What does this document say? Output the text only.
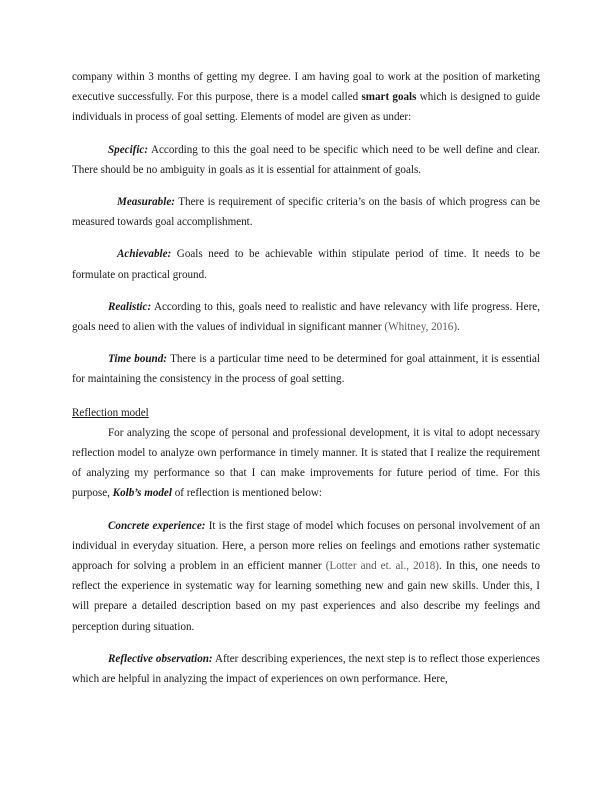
company within 3 months of getting my degree. I am having goal to work at the position of marketing executive successfully. For this purpose, there is a model called smart goals which is designed to guide individuals in process of goal setting. Elements of model are given as under:

Specific: According to this the goal need to be specific which need to be well define and clear. There should be no ambiguity in goals as it is essential for attainment of goals.

Measurable: There is requirement of specific criteria’s on the basis of which progress can be measured towards goal accomplishment.

Achievable: Goals need to be achievable within stipulate period of time. It needs to be formulate on practical ground.

Realistic: According to this, goals need to realistic and have relevancy with life progress. Here, goals need to alien with the values of individual in significant manner (Whitney, 2016).

Time bound: There is a particular time need to be determined for goal attainment, it is essential for maintaining the consistency in the process of goal setting.

Reflection model

For analyzing the scope of personal and professional development, it is vital to adopt necessary reflection model to analyze own performance in timely manner. It is stated that I realize the requirement of analyzing my performance so that I can make improvements for future period of time. For this purpose, Kolb’s model of reflection is mentioned below:

Concrete experience: It is the first stage of model which focuses on personal involvement of an individual in everyday situation. Here, a person more relies on feelings and emotions rather systematic approach for solving a problem in an efficient manner (Lotter and et. al., 2018). In this, one needs to reflect the experience in systematic way for learning something new and gain new skills. Under this, I will prepare a detailed description based on my past experiences and also describe my feelings and perception during situation.

Reflective observation: After describing experiences, the next step is to reflect those experiences which are helpful in analyzing the impact of experiences on own performance. Here,
